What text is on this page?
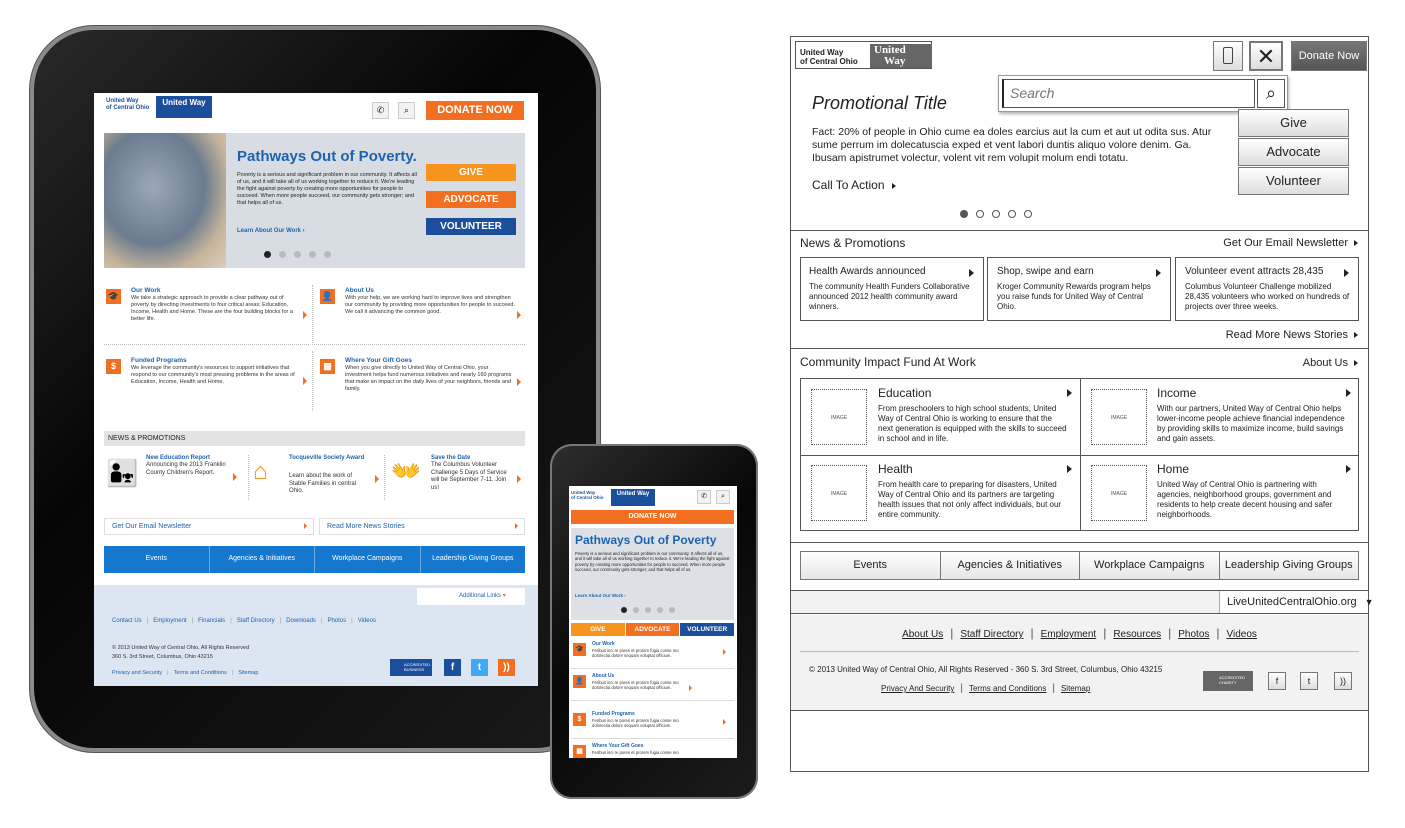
United Way
of Central Ohio
United Way
✆	⌕	DONATE NOW
Pathways Out of Poverty.
Poverty is a serious and significant problem in our community. It affects all of us, and it will take all of us working together to reduce it. We're leading the fight against poverty by creating more opportunities for people to succeed. When more people succeed, our community gets stronger; and that helps all of us.
Learn About Our Work ›
GIVE
ADVOCATE
VOLUNTEER
🎓
Our Work
We take a strategic approach to provide a clear pathway out of poverty by directing investments to four critical areas: Education, Income, Health and Home. These are the four building blocks for a better life.
👤
About Us
With your help, we are working hard to improve lives and strengthen our community by providing more opportunities for people to succeed. We call it advancing the common good.
$
Funded Programs
We leverage the community's resources to support initiatives that respond to our community's most pressing problems in the areas of Education, Income, Health and Home.
▦
Where Your Gift Goes
When you give directly to United Way of Central Ohio, your investment helps fund numerous initiatives and nearly 160 programs that make an impact on the daily lives of your neighbors, friends and family.
NEWS & PROMOTIONS
👨‍👧 New Education Report
Announcing the 2013 Franklin County Children's Report.	⌂	Tocqueville Society Award
Learn about the work of Stable Families in central Ohio.
👐 Save the Date
The Columbus Volunteer Challenge 5 Days of Service will be September 7-11. Join us!
Get Our Email Newsletter	Read More News Stories
Events	Agencies & Initiatives	Workplace Campaigns	Leadership Giving Groups
Additional Links ▾
Contact Us | Employment | Financials | Staff Directory | Downloads | Photos | Videos
© 2013 United Way of Central Ohio, All Rights Reserved
360 S. 3rd Street, Columbus, Ohio 43215
Privacy and Security | Terms and Conditions | Sitemap
ACCREDITED BUSINESS	f	t	))
United Way
of Central Ohio
United Way	✆	⌕
DONATE NOW
Pathways Out of Poverty
Poverty is a serious and significant problem in our community. It affects all of us, and it will take all of us working together to reduce it. We're leading the fight against poverty by creating more opportunities for people to succeed. When more people succeed, our community gets stronger; and that helps all of us.
Learn About Our Work ›
GIVE	ADVOCATE	VOLUNTEER
🎓
Our Work
Feribus inci re pores et prorem fugia conse mo dolorectia dolore sequam voluptat officium.
👤
About Us
Feribus inci re pores et prorem fugia conse mo dolorectia dolore sequam voluptat officium.
$
Funded Programs
Feribus inci re pores et prorem fugia conse mo dolorectia dolore sequam voluptat officium.
▦
Where Your Gift Goes
Feribus inci re pores et prorem fugia conse mo
United Way
of Central Ohio
United
Way	✕	Donate Now
Search	⌕
Promotional Title
Fact: 20% of people in Ohio cume ea doles earcius aut la cum et aut ut odita sus. Atur sume perrum im dolecatuscia exped et vent labori duntis aliquo volore denim. Ga. Ibusam apistrumet volectur, volent vit rem volupit molum endi totatu.
Call To Action
Give
Advocate
Volunteer
News & Promotions	Get Our Email Newsletter
Health Awards announced
The community Health Funders Collaborative announced 2012 health community award winners.
Shop, swipe and earn
Kroger Community Rewards program helps you raise funds for United Way of Central Ohio.
Volunteer event attracts 28,435
Columbus Volunteer Challenge mobilized 28,435 volunteers who worked on hundreds of projects over three weeks.
Read More News Stories
Community Impact Fund At Work	About Us
IMAGE
Education
From preschoolers to high school students, United Way of Central Ohio is working to ensure that the next generation is equipped with the skills to succeed in school and in life.
IMAGE
Income
With our partners, United Way of Central Ohio helps lower-income people achieve financial independence by providing skills to maximize income, build savings and gain assets.
IMAGE
Health
From health care to preparing for disasters, United Way of Central Ohio and its partners are targeting health issues that not only affect individuals, but our entire community.
IMAGE
Home
United Way of Central Ohio is partnering with agencies, neighborhood groups, government and residents to help create decent housing and safer neighborhoods.
Events	Agencies & Initiatives	Workplace Campaigns	Leadership Giving Groups
LiveUnitedCentralOhio.org ▼
About Us | Staff Directory | Employment | Resources | Photos | Videos
© 2013 United Way of Central Ohio, All Rights Reserved - 360 S. 3rd Street, Columbus, Ohio 43215
Privacy And Security | Terms and Conditions | Sitemap
ACCREDITED CHARITY	f	t	))
